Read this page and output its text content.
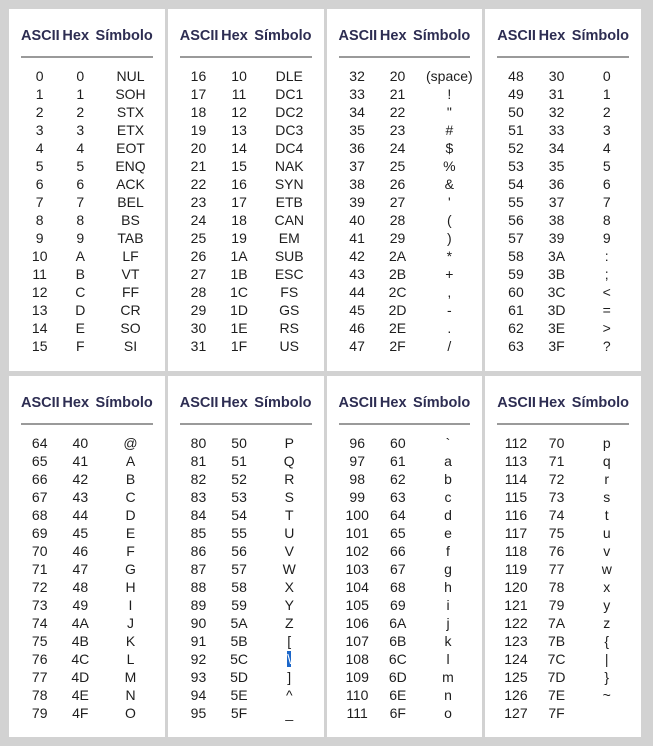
ASCII Hex Símbolo
0	0	NUL
1	1	SOH
2	2	STX
3	3	ETX
4	4	EOT
5	5	ENQ
6	6	ACK
7	7	BEL
8	8	BS
9	9	TAB
10	A	LF
11	B	VT
12	C	FF
13	D	CR
14	E	SO
15	F	SI
ASCII Hex Símbolo
16	10	DLE
17	11	DC1
18	12	DC2
19	13	DC3
20	14	DC4
21	15	NAK
22	16	SYN
23	17	ETB
24	18	CAN
25	19	EM
26	1A	SUB
27	1B	ESC
28	1C	FS
29	1D	GS
30	1E	RS
31	1F	US
ASCII Hex Símbolo
32	20	(space)
33	21	!
34	22	"
35	23	#
36	24	$
37	25	%
38	26	&
39	27	'
40	28	(
41	29	)
42	2A	*
43	2B	+
44	2C	,
45	2D	-
46	2E	.
47	2F	/
ASCII Hex Símbolo
48	30	0
49	31	1
50	32	2
51	33	3
52	34	4
53	35	5
54	36	6
55	37	7
56	38	8
57	39	9
58	3A	:
59	3B	;
60	3C	<
61	3D	=
62	3E	>
63	3F	?
ASCII Hex Símbolo
64	40	@
65	41	A
66	42	B
67	43	C
68	44	D
69	45	E
70	46	F
71	47	G
72	48	H
73	49	I
74	4A	J
75	4B	K
76	4C	L
77	4D	M
78	4E	N
79	4F	O
ASCII Hex Símbolo
80	50	P
81	51	Q
82	52	R
83	53	S
84	54	T
85	55	U
86	56	V
87	57	W
88	58	X
89	59	Y
90	5A	Z
91	5B	[
92	5C	\
93	5D	]
94	5E	^
95	5F	_
ASCII Hex Símbolo
96	60	`
97	61	a
98	62	b
99	63	c
100	64	d
101	65	e
102	66	f
103	67	g
104	68	h
105	69	i
106	6A	j
107	6B	k
108	6C	l
109	6D	m
110	6E	n
111	6F	o
ASCII Hex Símbolo
112	70	p
113	71	q
114	72	r
115	73	s
116	74	t
117	75	u
118	76	v
119	77	w
120	78	x
121	79	y
122	7A	z
123	7B	{
124	7C	|
125	7D	}
126	7E	~
127	7F
